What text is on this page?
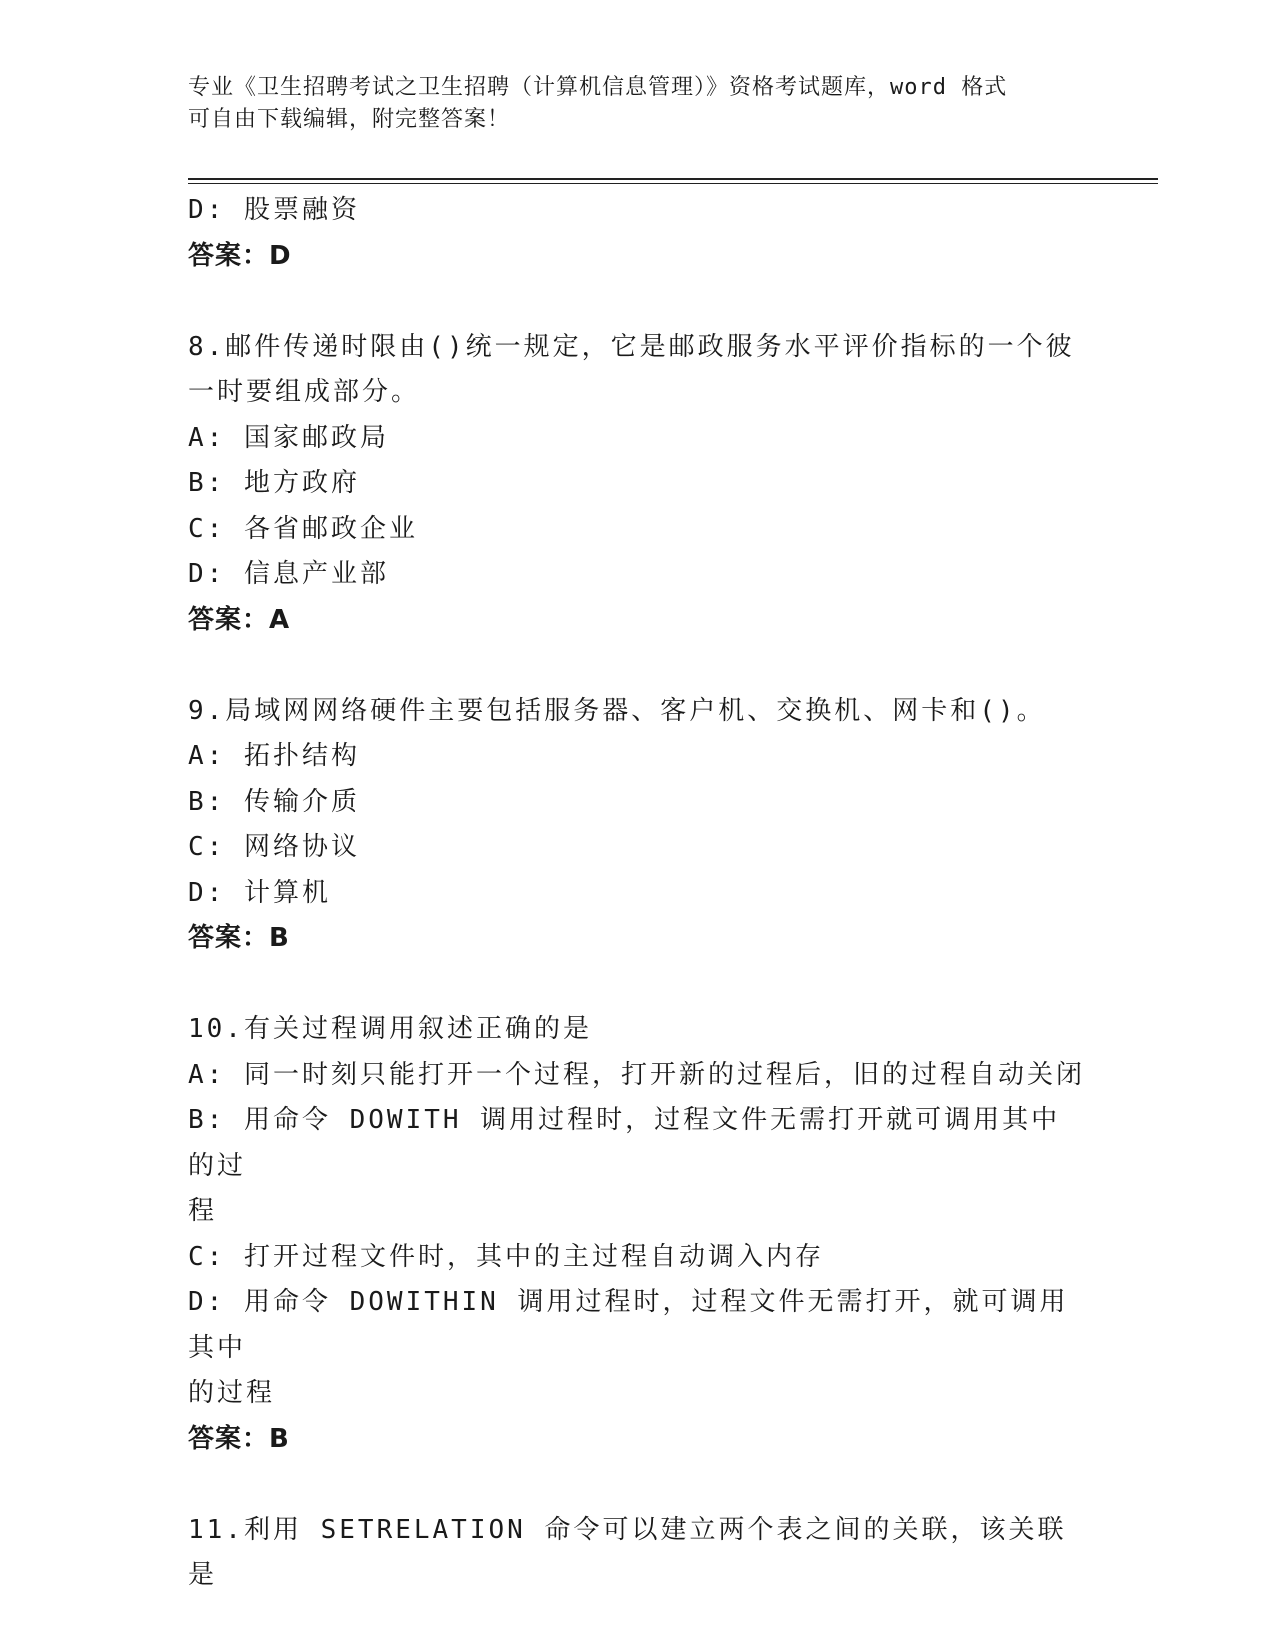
专业《卫生招聘考试之卫生招聘（计算机信息管理）》资格考试题库，word 格式
可自由下载编辑，附完整答案！
D: 股票融资
答案：D
8.邮件传递时限由()统一规定，它是邮政服务水平评价指标的一个彼
一时要组成部分。
A: 国家邮政局
B: 地方政府
C: 各省邮政企业
D: 信息产业部
答案：A
9.局域网网络硬件主要包括服务器、客户机、交换机、网卡和()。
A: 拓扑结构
B: 传输介质
C: 网络协议
D: 计算机
答案：B
10.有关过程调用叙述正确的是
A: 同一时刻只能打开一个过程，打开新的过程后，旧的过程自动关闭
B: 用命令 DOWITH 调用过程时，过程文件无需打开就可调用其中的过
程
C: 打开过程文件时，其中的主过程自动调入内存
D: 用命令 DOWITHIN 调用过程时，过程文件无需打开，就可调用其中
的过程
答案：B
11.利用 SETRELATION 命令可以建立两个表之间的关联，该关联是
